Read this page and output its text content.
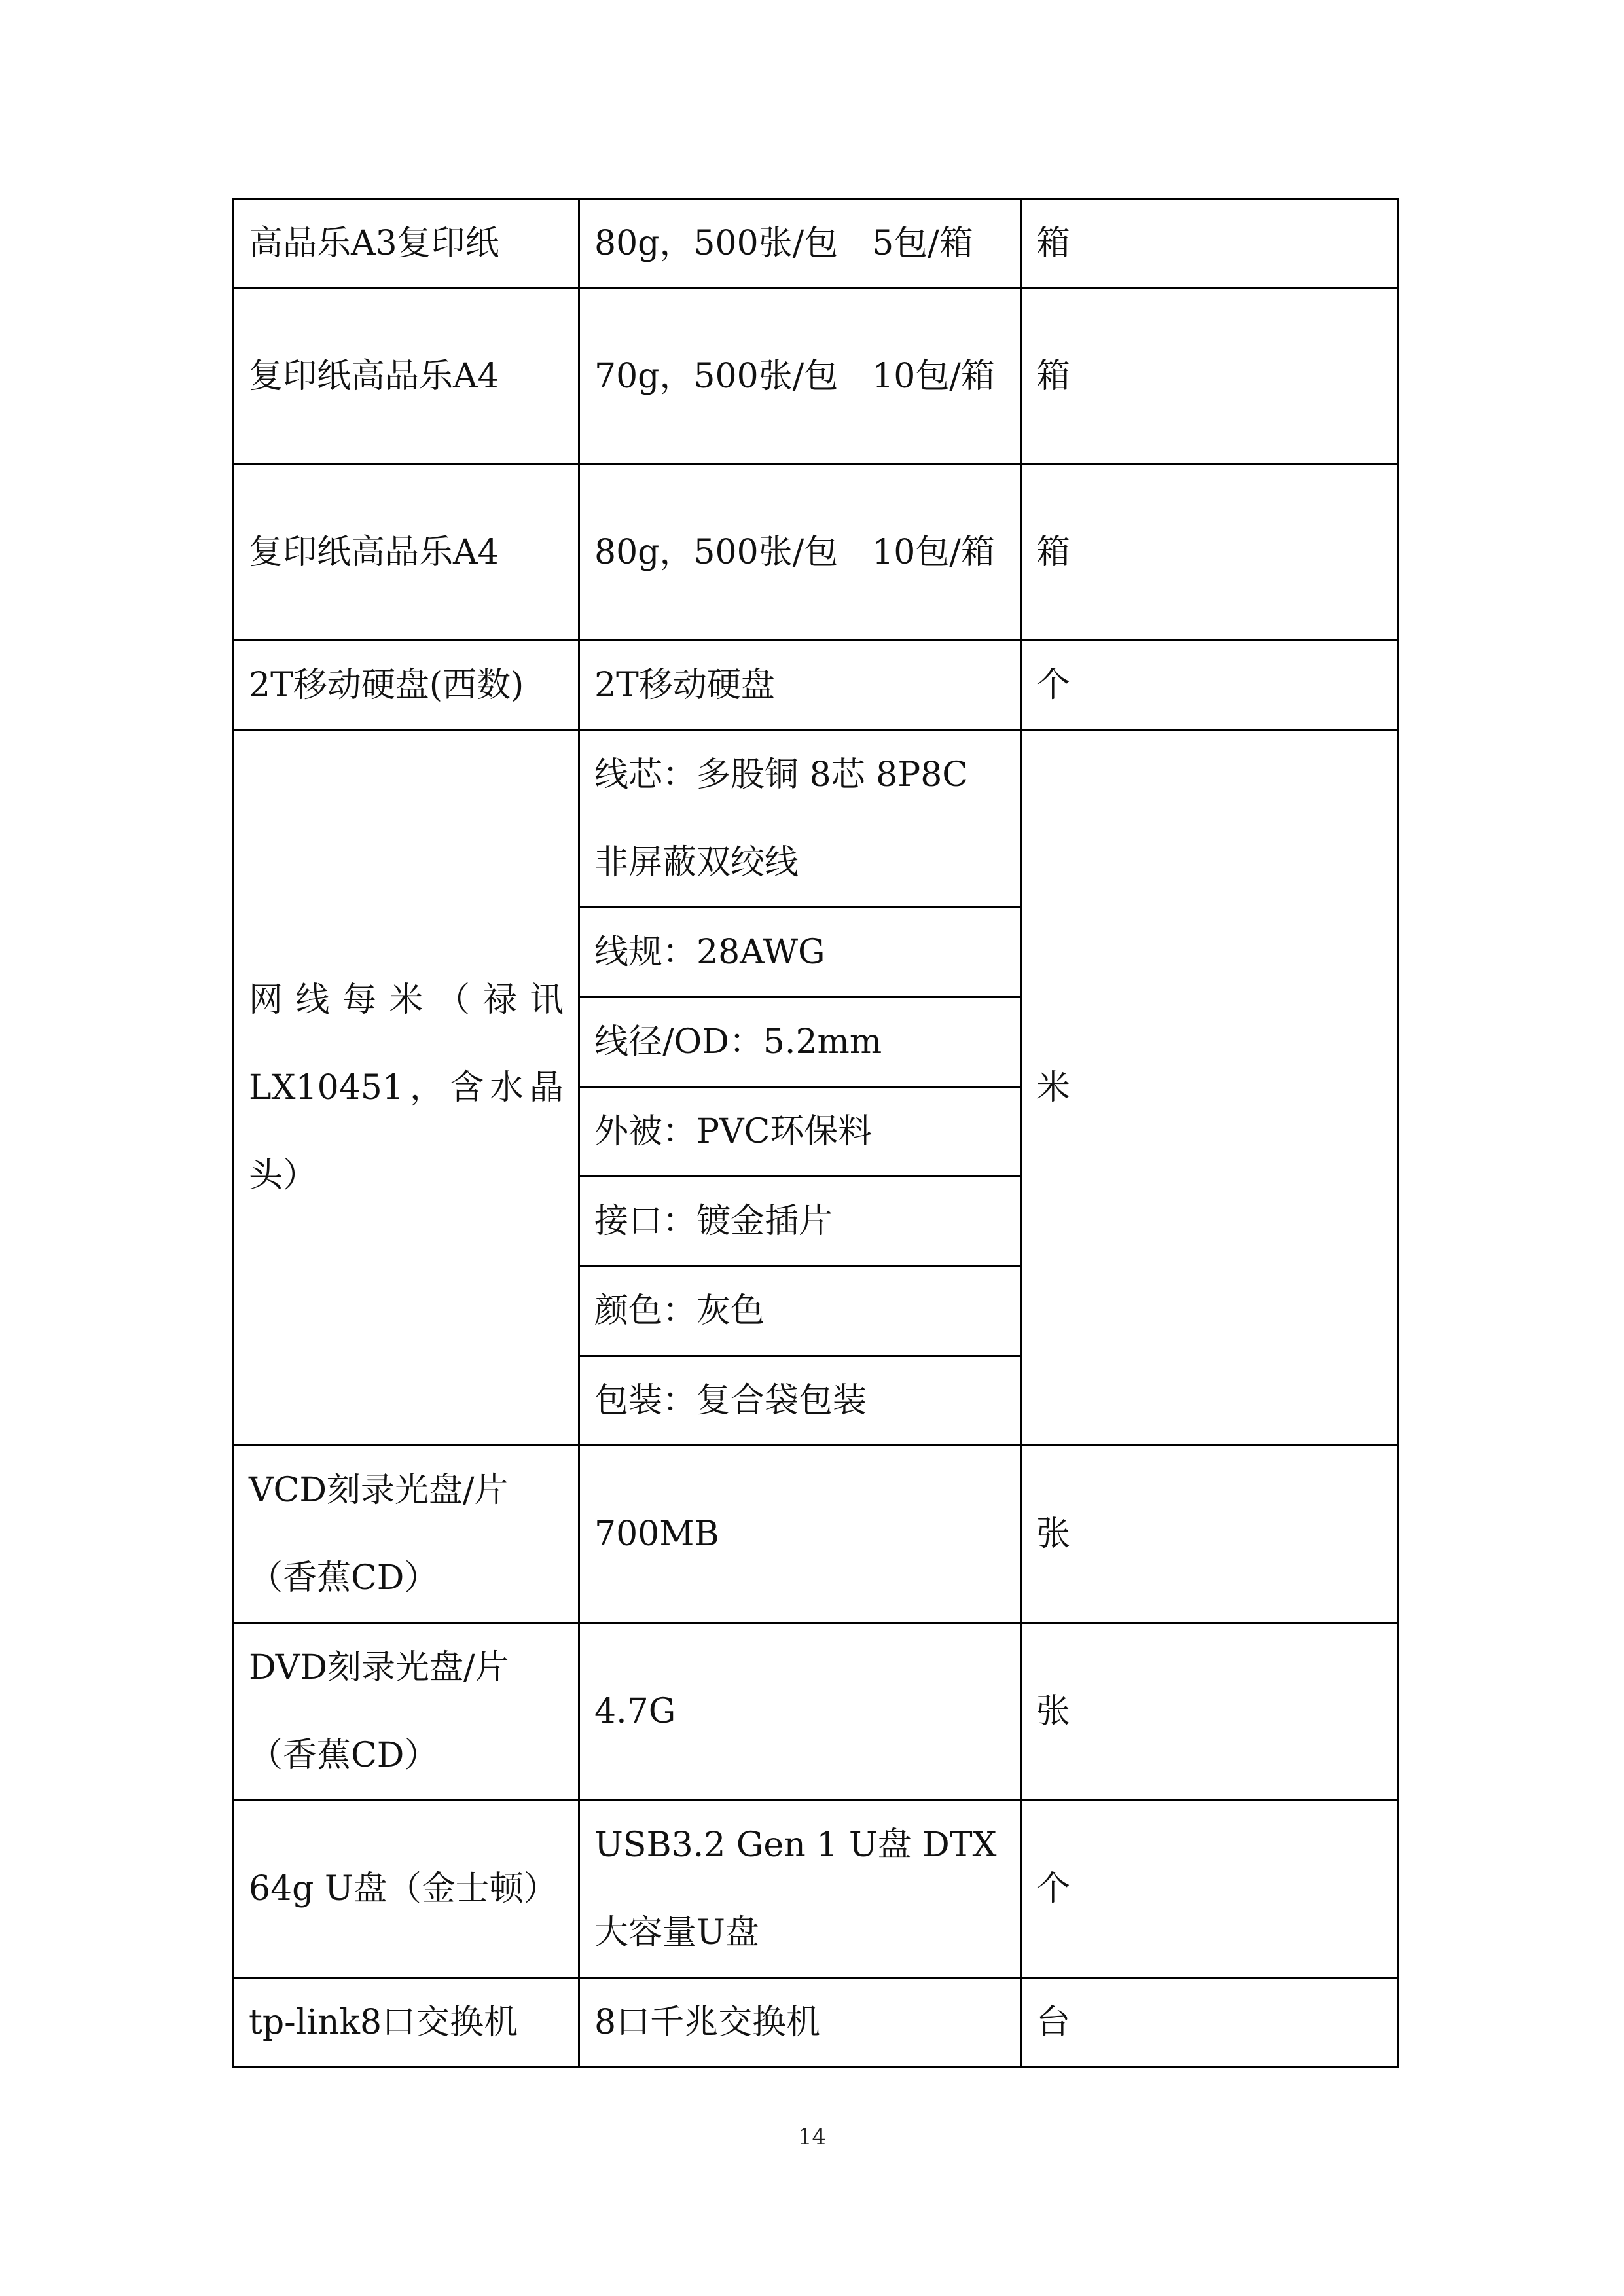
高品乐A3复印纸	80g，500张/包　5包/箱	箱
复印纸高品乐A4	70g，500张/包　10包/箱	箱
复印纸高品乐A4	80g，500张/包　10包/箱	箱
2T移动硬盘(西数)	2T移动硬盘	个
网线每米（禄讯LX10451，含水晶头）	线芯：多股铜 8芯 8P8C 非屏蔽双绞线	米
	线规：28AWG	
	线径/OD：5.2mm	
	外被：PVC环保料	
	接口：镀金插片	
	颜色：灰色	
	包装：复合袋包装	
VCD刻录光盘/片（香蕉CD）	700MB	张
DVD刻录光盘/片（香蕉CD）	4.7G	张
64g U盘（金士顿）	USB3.2 Gen 1 U盘 DTX大容量U盘	个
tp-link8口交换机	8口千兆交换机	台
14
